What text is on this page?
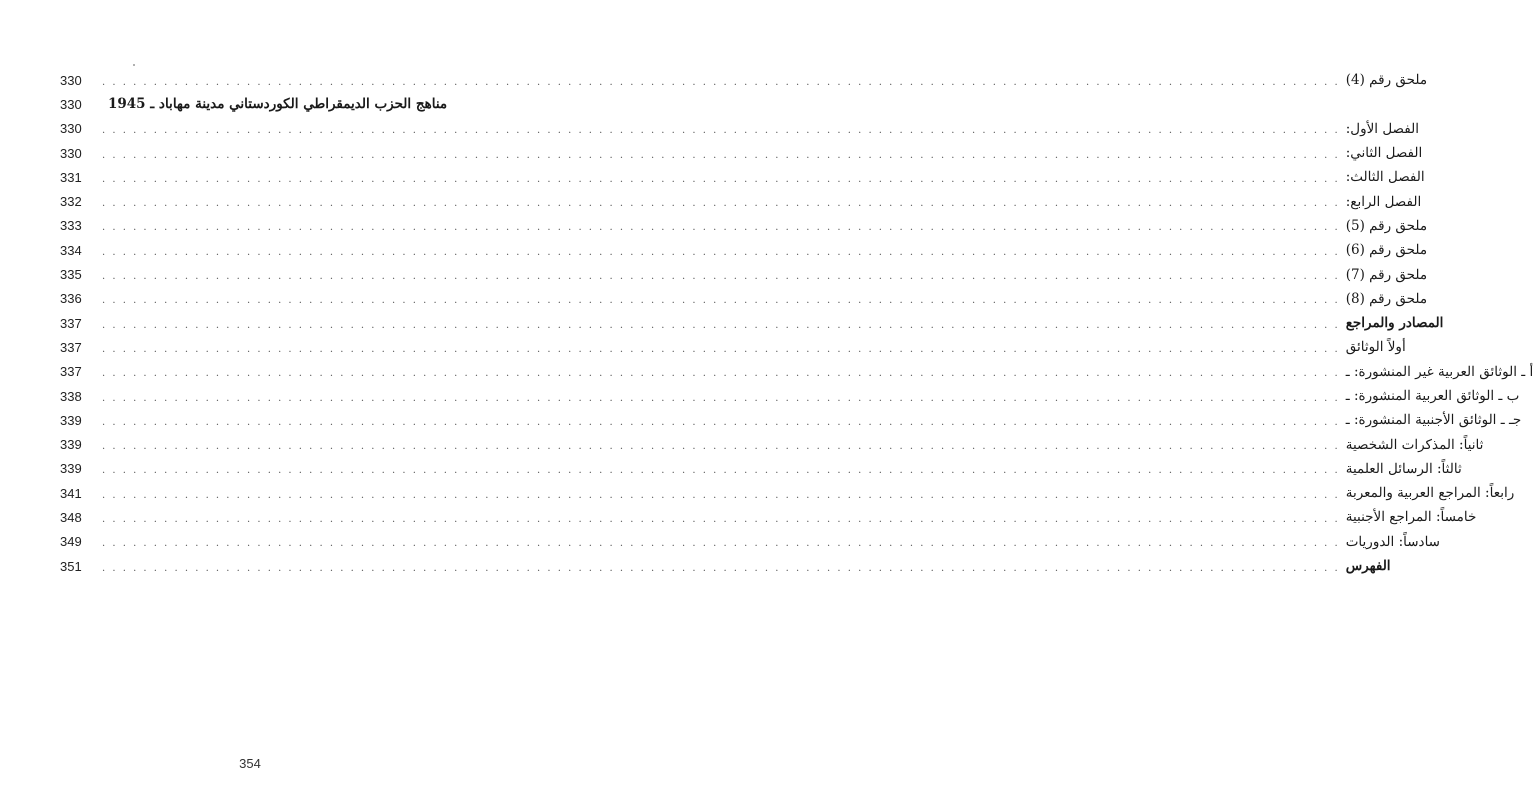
330	. . . . . . . . . . . . . . . . . . . . . . . . . . . . . . . . . . . . . . . . . . . . . . . . . . . . . . . . . . . . . . . . . . . . . . . . . . . . . . . . . . . . . . . . . . . . . . . . . . . . . . . . . . . . . . . . . . . . . . . . ملحق رقم (4)
330	مناهج الحزب الديمقراطي الكوردستاني مدينة مهاباد ـ 1945
330	. . . . . . . . . . . . . . . . . . . . . . . . . . . . . . . . . . . . . . . . . . . . . . . . . . . . . . . . . . . . . . . . . . . . . . . . . . . . . . . . . . . . . . . . . . . . . . . . . . . . . . . . . . . . . . . . . . . . . . . . الفصل الأول:
330	. . . . . . . . . . . . . . . . . . . . . . . . . . . . . . . . . . . . . . . . . . . . . . . . . . . . . . . . . . . . . . . . . . . . . . . . . . . . . . . . . . . . . . . . . . . . . . . . . . . . . . . . . . . . . . . . . . . . . . . . الفصل الثاني:
331	. . . . . . . . . . . . . . . . . . . . . . . . . . . . . . . . . . . . . . . . . . . . . . . . . . . . . . . . . . . . . . . . . . . . . . . . . . . . . . . . . . . . . . . . . . . . . . . . . . . . . . . . . . . . . . . . . . . . . . . . الفصل الثالث:
332	. . . . . . . . . . . . . . . . . . . . . . . . . . . . . . . . . . . . . . . . . . . . . . . . . . . . . . . . . . . . . . . . . . . . . . . . . . . . . . . . . . . . . . . . . . . . . . . . . . . . . . . . . . . . . . . . . . . . . . . . الفصل الرابع:
333	. . . . . . . . . . . . . . . . . . . . . . . . . . . . . . . . . . . . . . . . . . . . . . . . . . . . . . . . . . . . . . . . . . . . . . . . . . . . . . . . . . . . . . . . . . . . . . . . . . . . . . . . . . . . . . . . . . . . . . . . ملحق رقم (5)
334	. . . . . . . . . . . . . . . . . . . . . . . . . . . . . . . . . . . . . . . . . . . . . . . . . . . . . . . . . . . . . . . . . . . . . . . . . . . . . . . . . . . . . . . . . . . . . . . . . . . . . . . . . . . . . . . . . . . . . . . . ملحق رقم (6)
335	. . . . . . . . . . . . . . . . . . . . . . . . . . . . . . . . . . . . . . . . . . . . . . . . . . . . . . . . . . . . . . . . . . . . . . . . . . . . . . . . . . . . . . . . . . . . . . . . . . . . . . . . . . . . . . . . . . . . . . . . ملحق رقم (7)
336	. . . . . . . . . . . . . . . . . . . . . . . . . . . . . . . . . . . . . . . . . . . . . . . . . . . . . . . . . . . . . . . . . . . . . . . . . . . . . . . . . . . . . . . . . . . . . . . . . . . . . . . . . . . . . . . . . . . . . . . . ملحق رقم (8)
337	. . . . . . . . . . . . . . . . . . . . . . . . . . . . . . . . . . . . . . . . . . . . . . . . . . . . . . . . . . . . . . . . . . . . . . . . . . . . . . . . . . . . . . . . . . . . . . . . . . . . . . . . . . . . . . . . . . . . . . . . المصادر والمراجع
337	. . . . . . . . . . . . . . . . . . . . . . . . . . . . . . . . . . . . . . . . . . . . . . . . . . . . . . . . . . . . . . . . . . . . . . . . . . . . . . . . . . . . . . . . . . . . . . . . . . . . . . . . . . . . . . . . . . . . . . . . أولاً الوثائق
337	. . . . . . . . . . . . . . . . . . . . . . . . . . . . . . . . . . . . . . . . . . . . . . . . . . . . . . . . . . . . . . . . . . . . . . . . . . . . . . . . . . . . . . . . . . . . . . . . . . . . . . . . . . . . . . . . . . . . . . . . أ ـ الوثائق العربية غير المنشورة: ـ
338	. . . . . . . . . . . . . . . . . . . . . . . . . . . . . . . . . . . . . . . . . . . . . . . . . . . . . . . . . . . . . . . . . . . . . . . . . . . . . . . . . . . . . . . . . . . . . . . . . . . . . . . . . . . . . . . . . . . . . . . . ب ـ الوثائق العربية المنشورة: ـ
339	. . . . . . . . . . . . . . . . . . . . . . . . . . . . . . . . . . . . . . . . . . . . . . . . . . . . . . . . . . . . . . . . . . . . . . . . . . . . . . . . . . . . . . . . . . . . . . . . . . . . . . . . . . . . . . . . . . . . . . . . جـ ـ الوثائق الأجنبية المنشورة: ـ
339	. . . . . . . . . . . . . . . . . . . . . . . . . . . . . . . . . . . . . . . . . . . . . . . . . . . . . . . . . . . . . . . . . . . . . . . . . . . . . . . . . . . . . . . . . . . . . . . . . . . . . . . . . . . . . . . . . . . . . . . . ثانياً: المذكرات الشخصية
339	. . . . . . . . . . . . . . . . . . . . . . . . . . . . . . . . . . . . . . . . . . . . . . . . . . . . . . . . . . . . . . . . . . . . . . . . . . . . . . . . . . . . . . . . . . . . . . . . . . . . . . . . . . . . . . . . . . . . . . . . ثالثاً: الرسائل العلمية
341	. . . . . . . . . . . . . . . . . . . . . . . . . . . . . . . . . . . . . . . . . . . . . . . . . . . . . . . . . . . . . . . . . . . . . . . . . . . . . . . . . . . . . . . . . . . . . . . . . . . . . . . . . . . . . . . . . . . . . . . . رابعاً: المراجع العربية والمعربة
348	. . . . . . . . . . . . . . . . . . . . . . . . . . . . . . . . . . . . . . . . . . . . . . . . . . . . . . . . . . . . . . . . . . . . . . . . . . . . . . . . . . . . . . . . . . . . . . . . . . . . . . . . . . . . . . . . . . . . . . . . خامساً: المراجع الأجنبية
349	. . . . . . . . . . . . . . . . . . . . . . . . . . . . . . . . . . . . . . . . . . . . . . . . . . . . . . . . . . . . . . . . . . . . . . . . . . . . . . . . . . . . . . . . . . . . . . . . . . . . . . . . . . . . . . . . . . . . . . . . سادساً: الدوريات
351	. . . . . . . . . . . . . . . . . . . . . . . . . . . . . . . . . . . . . . . . . . . . . . . . . . . . . . . . . . . . . . . . . . . . . . . . . . . . . . . . . . . . . . . . . . . . . . . . . . . . . . . . . . . . . . . . . . . . . . . . الفهرس
354
